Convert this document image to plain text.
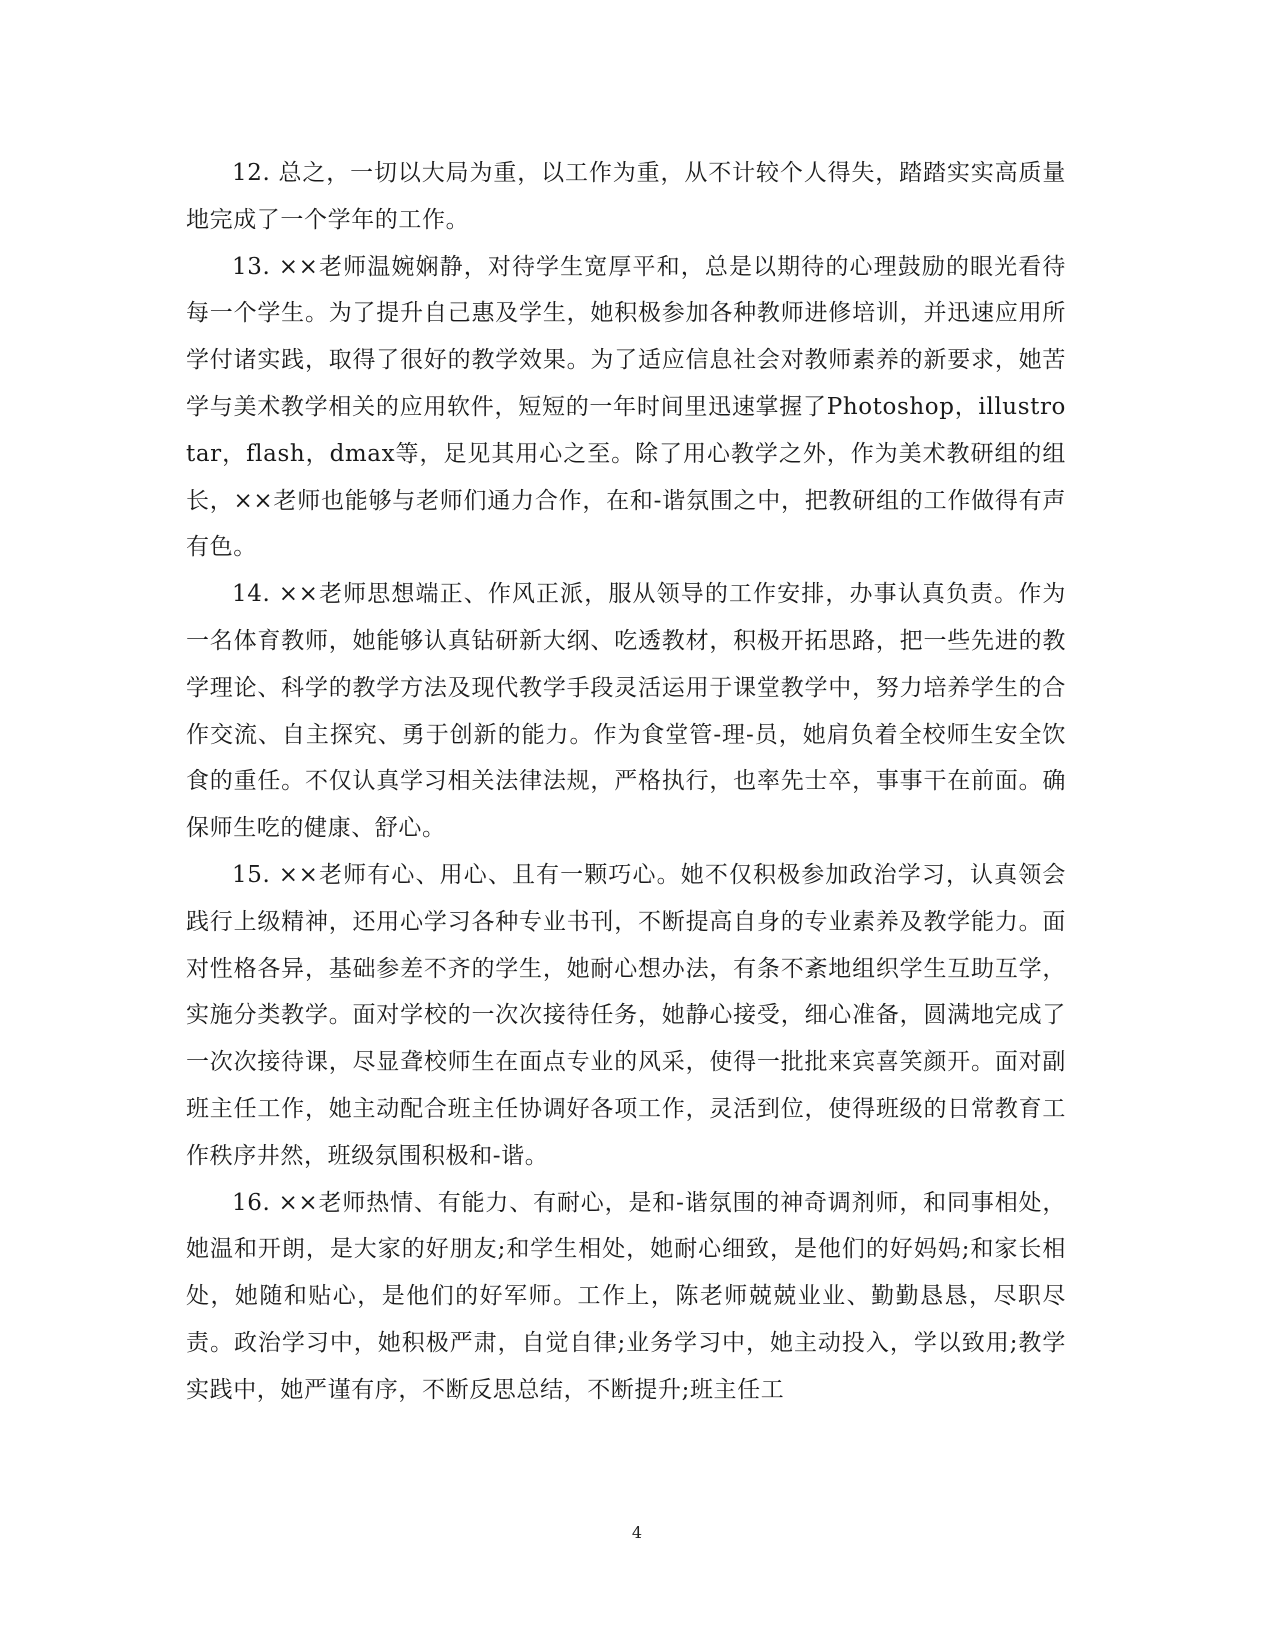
12. 总之，一切以大局为重，以工作为重，从不计较个人得失，踏踏实实高质量地完成了一个学年的工作。

13. ××老师温婉娴静，对待学生宽厚平和，总是以期待的心理鼓励的眼光看待每一个学生。为了提升自己惠及学生，她积极参加各种教师进修培训，并迅速应用所学付诸实践，取得了很好的教学效果。为了适应信息社会对教师素养的新要求，她苦学与美术教学相关的应用软件，短短的一年时间里迅速掌握了Photoshop，illustrotar，flash，dmax等，足见其用心之至。除了用心教学之外，作为美术教研组的组长，××老师也能够与老师们通力合作，在和-谐氛围之中，把教研组的工作做得有声有色。

14. ××老师思想端正、作风正派，服从领导的工作安排，办事认真负责。作为一名体育教师，她能够认真钻研新大纲、吃透教材，积极开拓思路，把一些先进的教学理论、科学的教学方法及现代教学手段灵活运用于课堂教学中，努力培养学生的合作交流、自主探究、勇于创新的能力。作为食堂管-理-员，她肩负着全校师生安全饮食的重任。不仅认真学习相关法律法规，严格执行，也率先士卒，事事干在前面。确保师生吃的健康、舒心。

15. ××老师有心、用心、且有一颗巧心。她不仅积极参加政治学习，认真领会践行上级精神，还用心学习各种专业书刊，不断提高自身的专业素养及教学能力。面对性格各异，基础参差不齐的学生，她耐心想办法，有条不紊地组织学生互助互学，实施分类教学。面对学校的一次次接待任务，她静心接受，细心准备，圆满地完成了一次次接待课，尽显聋校师生在面点专业的风采，使得一批批来宾喜笑颜开。面对副班主任工作，她主动配合班主任协调好各项工作，灵活到位，使得班级的日常教育工作秩序井然，班级氛围积极和-谐。

16. ××老师热情、有能力、有耐心，是和-谐氛围的神奇调剂师，和同事相处，她温和开朗，是大家的好朋友;和学生相处，她耐心细致，是他们的好妈妈;和家长相处，她随和贴心，是他们的好军师。工作上，陈老师兢兢业业、勤勤恳恳，尽职尽责。政治学习中，她积极严肃，自觉自律;业务学习中，她主动投入，学以致用;教学实践中，她严谨有序，不断反思总结，不断提升;班主任工

4
